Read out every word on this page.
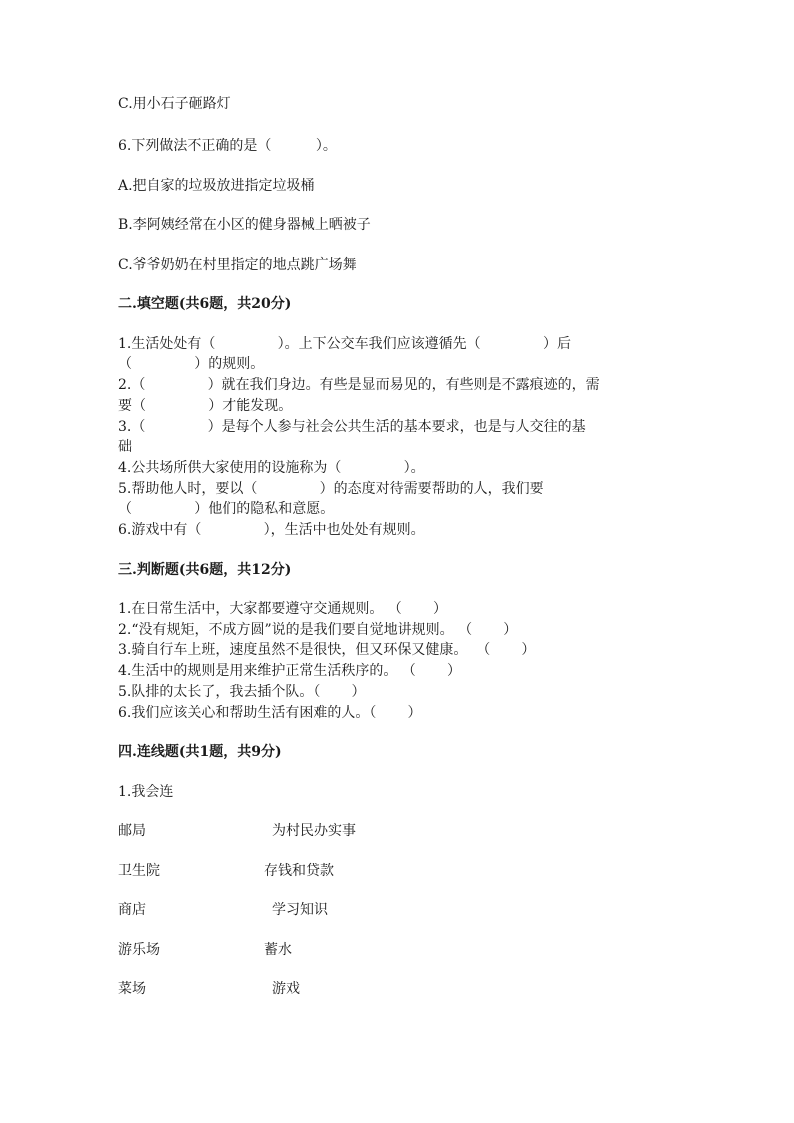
C.用小石子砸路灯
6.下列做法不正确的是（          ）。
A.把自家的垃圾放进指定垃圾桶
B.李阿姨经常在小区的健身器械上晒被子
C.爷爷奶奶在村里指定的地点跳广场舞
二.填空题(共6题，共20分)
1.生活处处有（              ）。上下公交车我们应该遵循先（              ）后
（              ）的规则。
2.（              ）就在我们身边。有些是显而易见的，有些则是不露痕迹的，需
要（              ）才能发现。
3.（              ）是每个人参与社会公共生活的基本要求，也是与人交往的基
础
4.公共场所供大家使用的设施称为（              ）。
5.帮助他人时，要以（              ）的态度对待需要帮助的人，我们要
（              ）他们的隐私和意愿。
6.游戏中有（              ），生活中也处处有规则。
三.判断题(共6题，共12分)
1.在日常生活中，大家都要遵守交通规则。 （       ）
2.“没有规矩，不成方圆”说的是我们要自觉地讲规则。 （       ）
3.骑自行车上班，速度虽然不是很快，但又环保又健康。  （       ）
4.生活中的规则是用来维护正常生活秩序的。 （       ）
5.队排的太长了，我去插个队。（       ）
6.我们应该关心和帮助生活有困难的人。（       ）
四.连线题(共1题，共9分)
1.我会连
邮局	为村民办实事
卫生院	存钱和贷款
商店	学习知识
游乐场	蓄水
菜场	游戏
